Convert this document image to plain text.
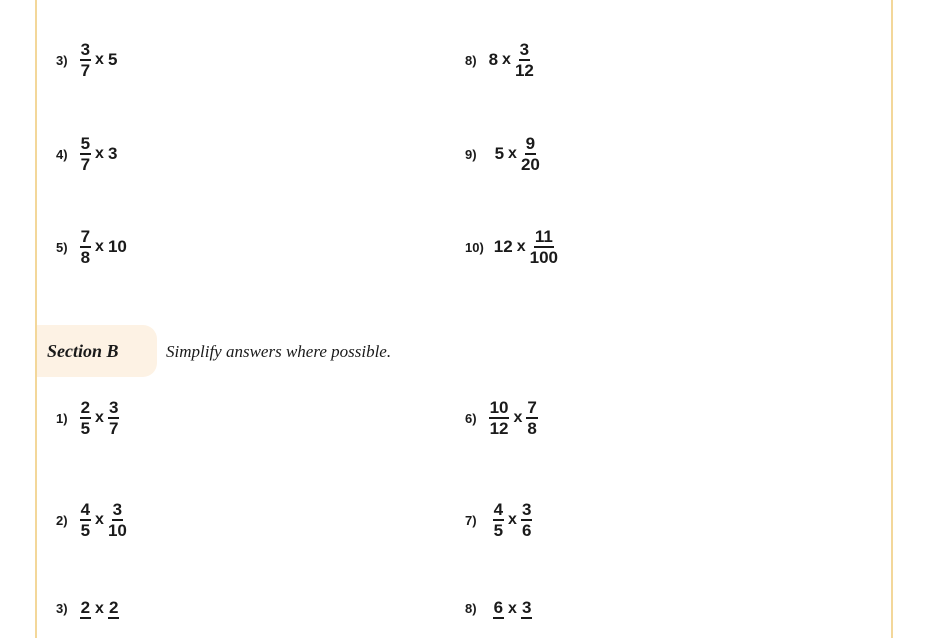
$3) \frac{3}{7}$ x 5
$4) \frac{5}{7}$ x 3
$5) \frac{7}{8}$ x 10
8) 8 x $\frac{3}{12}$
9) 5 x $\frac{9}{20}$
10) 12 x $\frac{11}{100}$
Section B	Simplify answers where possible.
$1) \frac{2}{5}$ x $\frac{3}{7}$
$2) \frac{4}{5}$ x $\frac{3}{10}$
3) 2 x 2
$6) \frac{10}{12}$ x $\frac{7}{8}$
$7) \frac{4}{5}$ x $\frac{3}{6}$
8) 6 x 3
